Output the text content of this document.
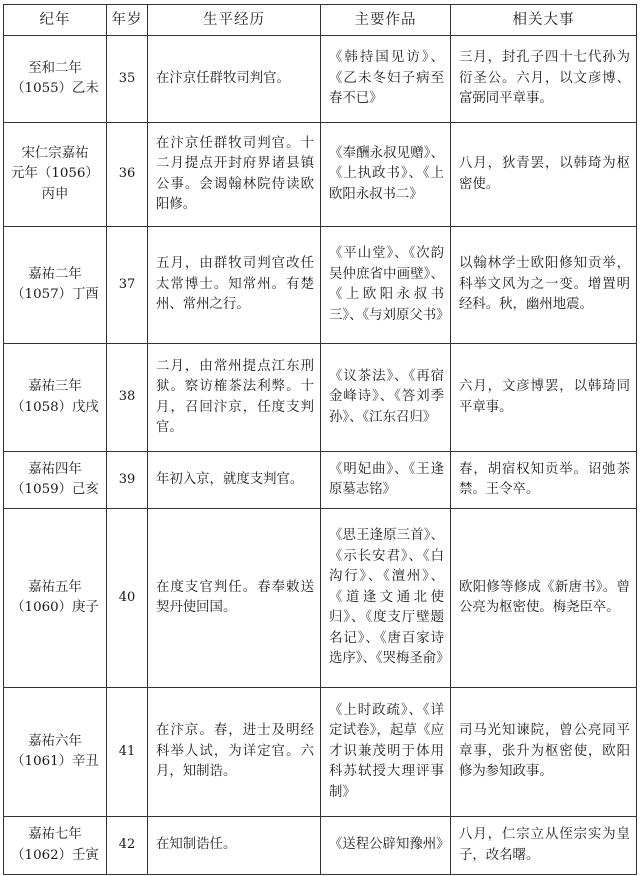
纪年	年岁	生平经历	主要作品	相关大事

至和二年
（1055）乙未	35	在汴京任群牧司判官。	《韩持国见访》、《乙未冬妇子病至春不已》	三月，封孔子四十七代孙为衍圣公。六月，以文彦博、富弼同平章事。

宋仁宗嘉祐
元年（1056）
丙申	36	在汴京任群牧司判官。十二月提点开封府界诸县镇公事。会谒翰林院侍读欧阳修。	《奉酬永叔见赠》、《上执政书》、《上欧阳永叔书二》	八月，狄青罢，以韩琦为枢密使。

嘉祐二年
（1057）丁酉	37	五月，由群牧司判官改任太常博士。知常州。有楚州、常州之行。	《平山堂》、《次韵吴仲庶省中画壁》、《上欧阳永叔书三》、《与刘原父书》	以翰林学士欧阳修知贡举，科举文风为之一变。增置明经科。秋，幽州地震。

嘉祐三年
（1058）戊戌	38	二月，由常州提点江东刑狱。察访榷茶法利弊。十月，召回汴京，任度支判官。	《议茶法》、《再宿金峰诗》、《答刘季孙》、《江东召归》	六月，文彦博罢，以韩琦同平章事。

嘉祐四年
（1059）己亥	39	年初入京，就度支判官。	《明妃曲》、《王逢原墓志铭》	春，胡宿权知贡举。诏弛茶禁。王令卒。

嘉祐五年
（1060）庚子	40	在度支官判任。春奉敕送契丹使回国。	《思王逢原三首》、《示长安君》、《白沟行》、《澶州》、《道逢文通北使归》、《度支厅壁题名记》、《唐百家诗选序》、《哭梅圣俞》	欧阳修等修成《新唐书》。曾公亮为枢密使。梅尧臣卒。

嘉祐六年
（1061）辛丑	41	在汴京。春，进士及明经科举人试，为详定官。六月，知制诰。	《上时政疏》、《详定试卷》，起草《应才识兼茂明于体用科苏轼授大理评事制》	司马光知谏院，曾公亮同平章事，张升为枢密使，欧阳修为参知政事。

嘉祐七年
（1062）壬寅	42	在知制诰任。	《送程公辟知豫州》	八月，仁宗立从侄宗实为皇子，改名曙。
